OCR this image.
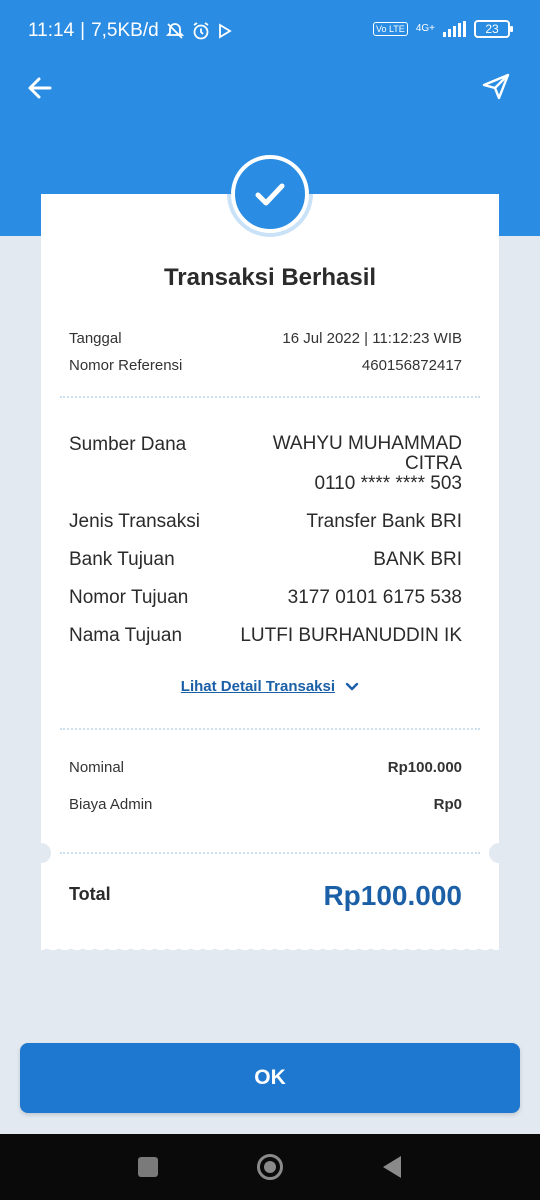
11:14 | 7,5KB/d	Vo LTE	4G+	23
Transaksi Berhasil
Tanggal	16 Jul 2022 | 11:12:23 WIB
Nomor Referensi	460156872417
Sumber Dana	WAHYU MUHAMMAD
CITRA
0110 **** **** 503
Jenis Transaksi	Transfer Bank BRI
Bank Tujuan	BANK BRI
Nomor Tujuan	3177 0101 6175 538
Nama Tujuan	LUTFI BURHANUDDIN IK
Lihat Detail Transaksi
Nominal	Rp100.000
Biaya Admin	Rp0
Total	Rp100.000
OK
